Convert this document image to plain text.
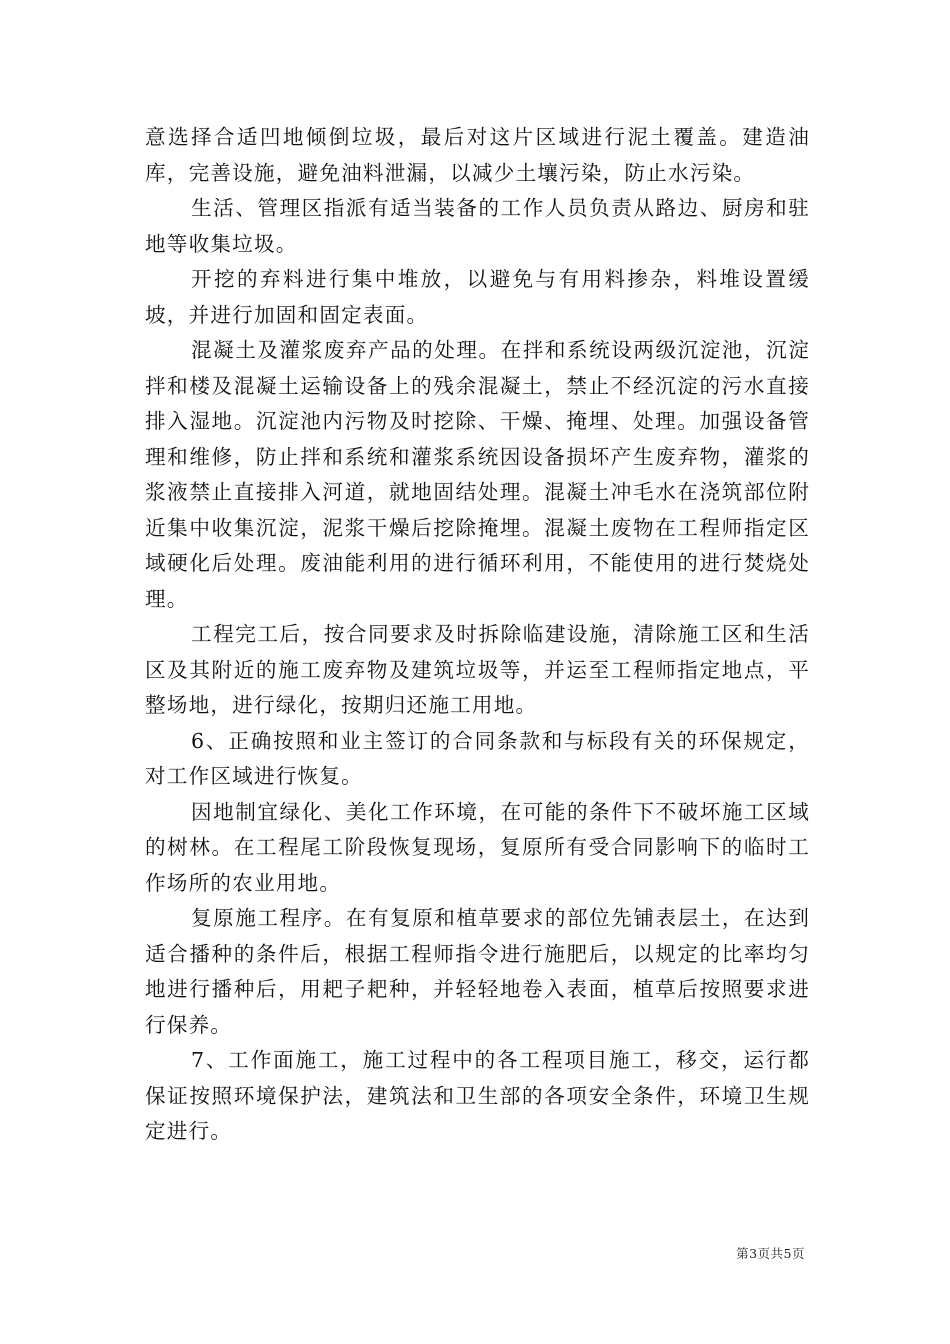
意选择合适凹地倾倒垃圾，最后对这片区域进行泥土覆盖。建造油库，完善设施，避免油料泄漏，以减少土壤污染，防止水污染。

生活、管理区指派有适当装备的工作人员负责从路边、厨房和驻地等收集垃圾。

开挖的弃料进行集中堆放，以避免与有用料掺杂，料堆设置缓坡，并进行加固和固定表面。

混凝土及灌浆废弃产品的处理。在拌和系统设两级沉淀池，沉淀拌和楼及混凝土运输设备上的残余混凝土，禁止不经沉淀的污水直接排入湿地。沉淀池内污物及时挖除、干燥、掩埋、处理。加强设备管理和维修，防止拌和系统和灌浆系统因设备损坏产生废弃物，灌浆的浆液禁止直接排入河道，就地固结处理。混凝土冲毛水在浇筑部位附近集中收集沉淀，泥浆干燥后挖除掩埋。混凝土废物在工程师指定区域硬化后处理。废油能利用的进行循环利用，不能使用的进行焚烧处理。

工程完工后，按合同要求及时拆除临建设施，清除施工区和生活区及其附近的施工废弃物及建筑垃圾等，并运至工程师指定地点，平整场地，进行绿化，按期归还施工用地。

6、正确按照和业主签订的合同条款和与标段有关的环保规定，对工作区域进行恢复。

因地制宜绿化、美化工作环境，在可能的条件下不破坏施工区域的树林。在工程尾工阶段恢复现场，复原所有受合同影响下的临时工作场所的农业用地。

复原施工程序。在有复原和植草要求的部位先铺表层土，在达到适合播种的条件后，根据工程师指令进行施肥后，以规定的比率均匀地进行播种后，用耙子耙种，并轻轻地卷入表面，植草后按照要求进行保养。

7、工作面施工，施工过程中的各工程项目施工，移交，运行都保证按照环境保护法，建筑法和卫生部的各项安全条件，环境卫生规定进行。

第3页共5页
